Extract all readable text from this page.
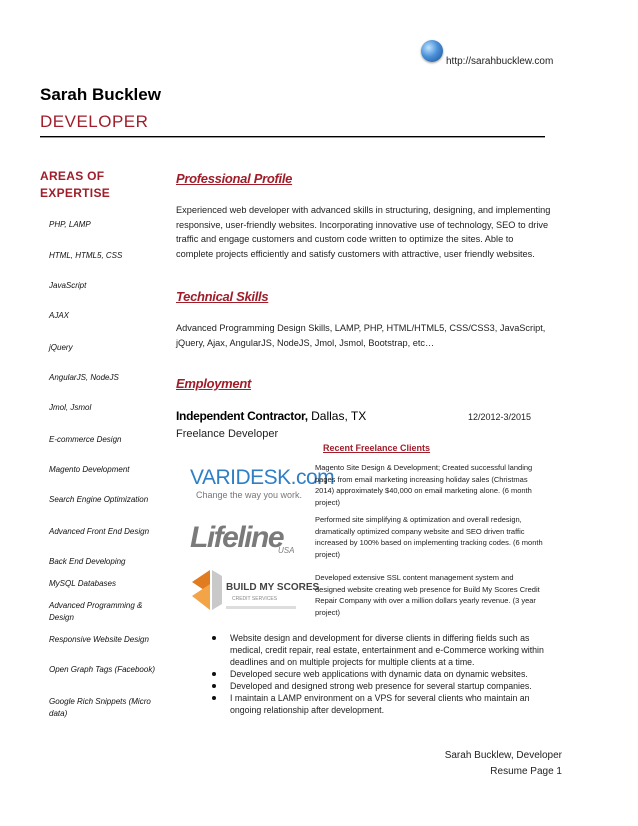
http://sarahbucklew.com
Sarah Bucklew
DEVELOPER
AREAS OF EXPERTISE
PHP, LAMP
HTML, HTML5, CSS
JavaScript
AJAX
jQuery
AngularJS, NodeJS
Jmol, Jsmol
E-commerce Design
Magento Development
Search Engine Optimization
Advanced Front End Design
Back End Developing
MySQL Databases
Advanced Programming & Design
Responsive Website Design
Open Graph Tags (Facebook)
Google Rich Snippets (Micro data)
Professional Profile
Experienced web developer with advanced skills in structuring, designing, and implementing responsive, user-friendly websites. Incorporating innovative use of technology, SEO to drive traffic and engage customers and custom code written to optimize the sites. Able to complete projects efficiently and satisfy customers with attractive, user friendly websites.
Technical Skills
Advanced Programming Design Skills, LAMP, PHP, HTML/HTML5, CSS/CSS3, JavaScript, jQuery, Ajax, AngularJS, NodeJS, Jmol, Jsmol, Bootstrap, etc…
Employment
Independent Contractor, Dallas, TX	12/2012-3/2015
Freelance Developer
Recent Freelance Clients
VARIDESK.com
Change the way you work.
Lifeline
USA
BUILD MY SCORES
CREDIT SERVICES
Magento Site Design & Development; Created successful landing pages from email marketing increasing holiday sales (Christmas 2014) approximately $40,000 on email marketing alone. (6 month project)
Performed site simplifying & optimization and overall redesign, dramatically optimized company website and SEO driven traffic increased by 100% based on implementing tracking codes. (6 month project)
Developed extensive SSL content management system and designed website creating web presence for Build My Scores Credit Repair Company with over a million dollars yearly revenue. (3 year project)
Website design and development for diverse clients in differing fields such as medical, credit repair, real estate, entertainment and e-Commerce working within deadlines and on multiple projects for multiple clients at a time.
Developed secure web applications with dynamic data on dynamic websites.
Developed and designed strong web presence for several startup companies.
I maintain a LAMP environment on a VPS for several clients who maintain an ongoing relationship after development.
Sarah Bucklew, Developer
Resume Page 1
